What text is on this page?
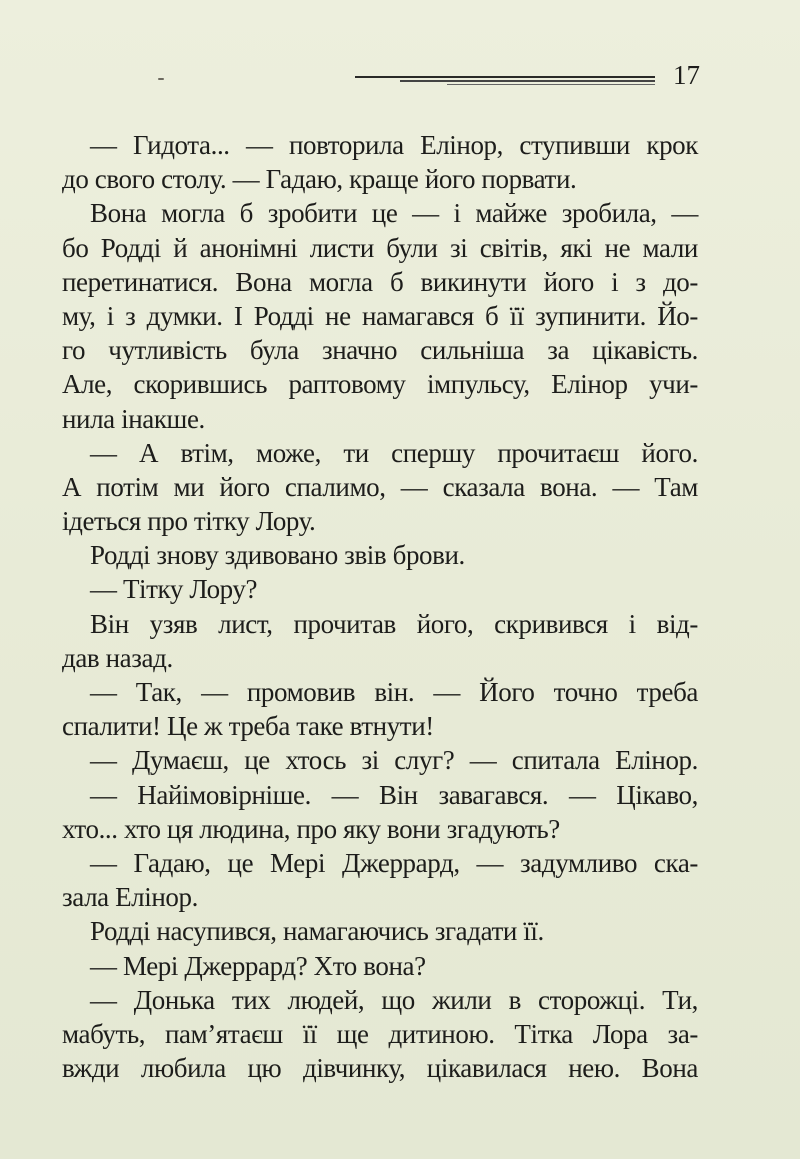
17
— Гидота... — повторила Елінор, ступивши крок
до свого столу. — Гадаю, краще його порвати.
Вона могла б зробити це — і майже зробила, —
бо Родді й анонімні листи були зі світів, які не мали
перетинатися. Вона могла б викинути його і з до-
му, і з думки. І Родді не намагався б її зупинити. Йо-
го чутливість була значно сильніша за цікавість.
Але, скорившись раптовому імпульсу, Елінор учи-
нила інакше.
— А втім, може, ти спершу прочитаєш його.
А потім ми його спалимо, — сказала вона. — Там
ідеться про тітку Лору.
Родді знову здивовано звів брови.
— Тітку Лору?
Він узяв лист, прочитав його, скривився і від-
дав назад.
— Так, — промовив він. — Його точно треба
спалити! Це ж треба таке втнути!
— Думаєш, це хтось зі слуг? — спитала Елінор.
— Найімовірніше. — Він завагався. — Цікаво,
хто... хто ця людина, про яку вони згадують?
— Гадаю, це Мері Джеррард, — задумливо ска-
зала Елінор.
Родді насупився, намагаючись згадати її.
— Мері Джеррард? Хто вона?
— Донька тих людей, що жили в сторожці. Ти,
мабуть, пам’ятаєш її ще дитиною. Тітка Лора за-
вжди любила цю дівчинку, цікавилася нею. Вона
